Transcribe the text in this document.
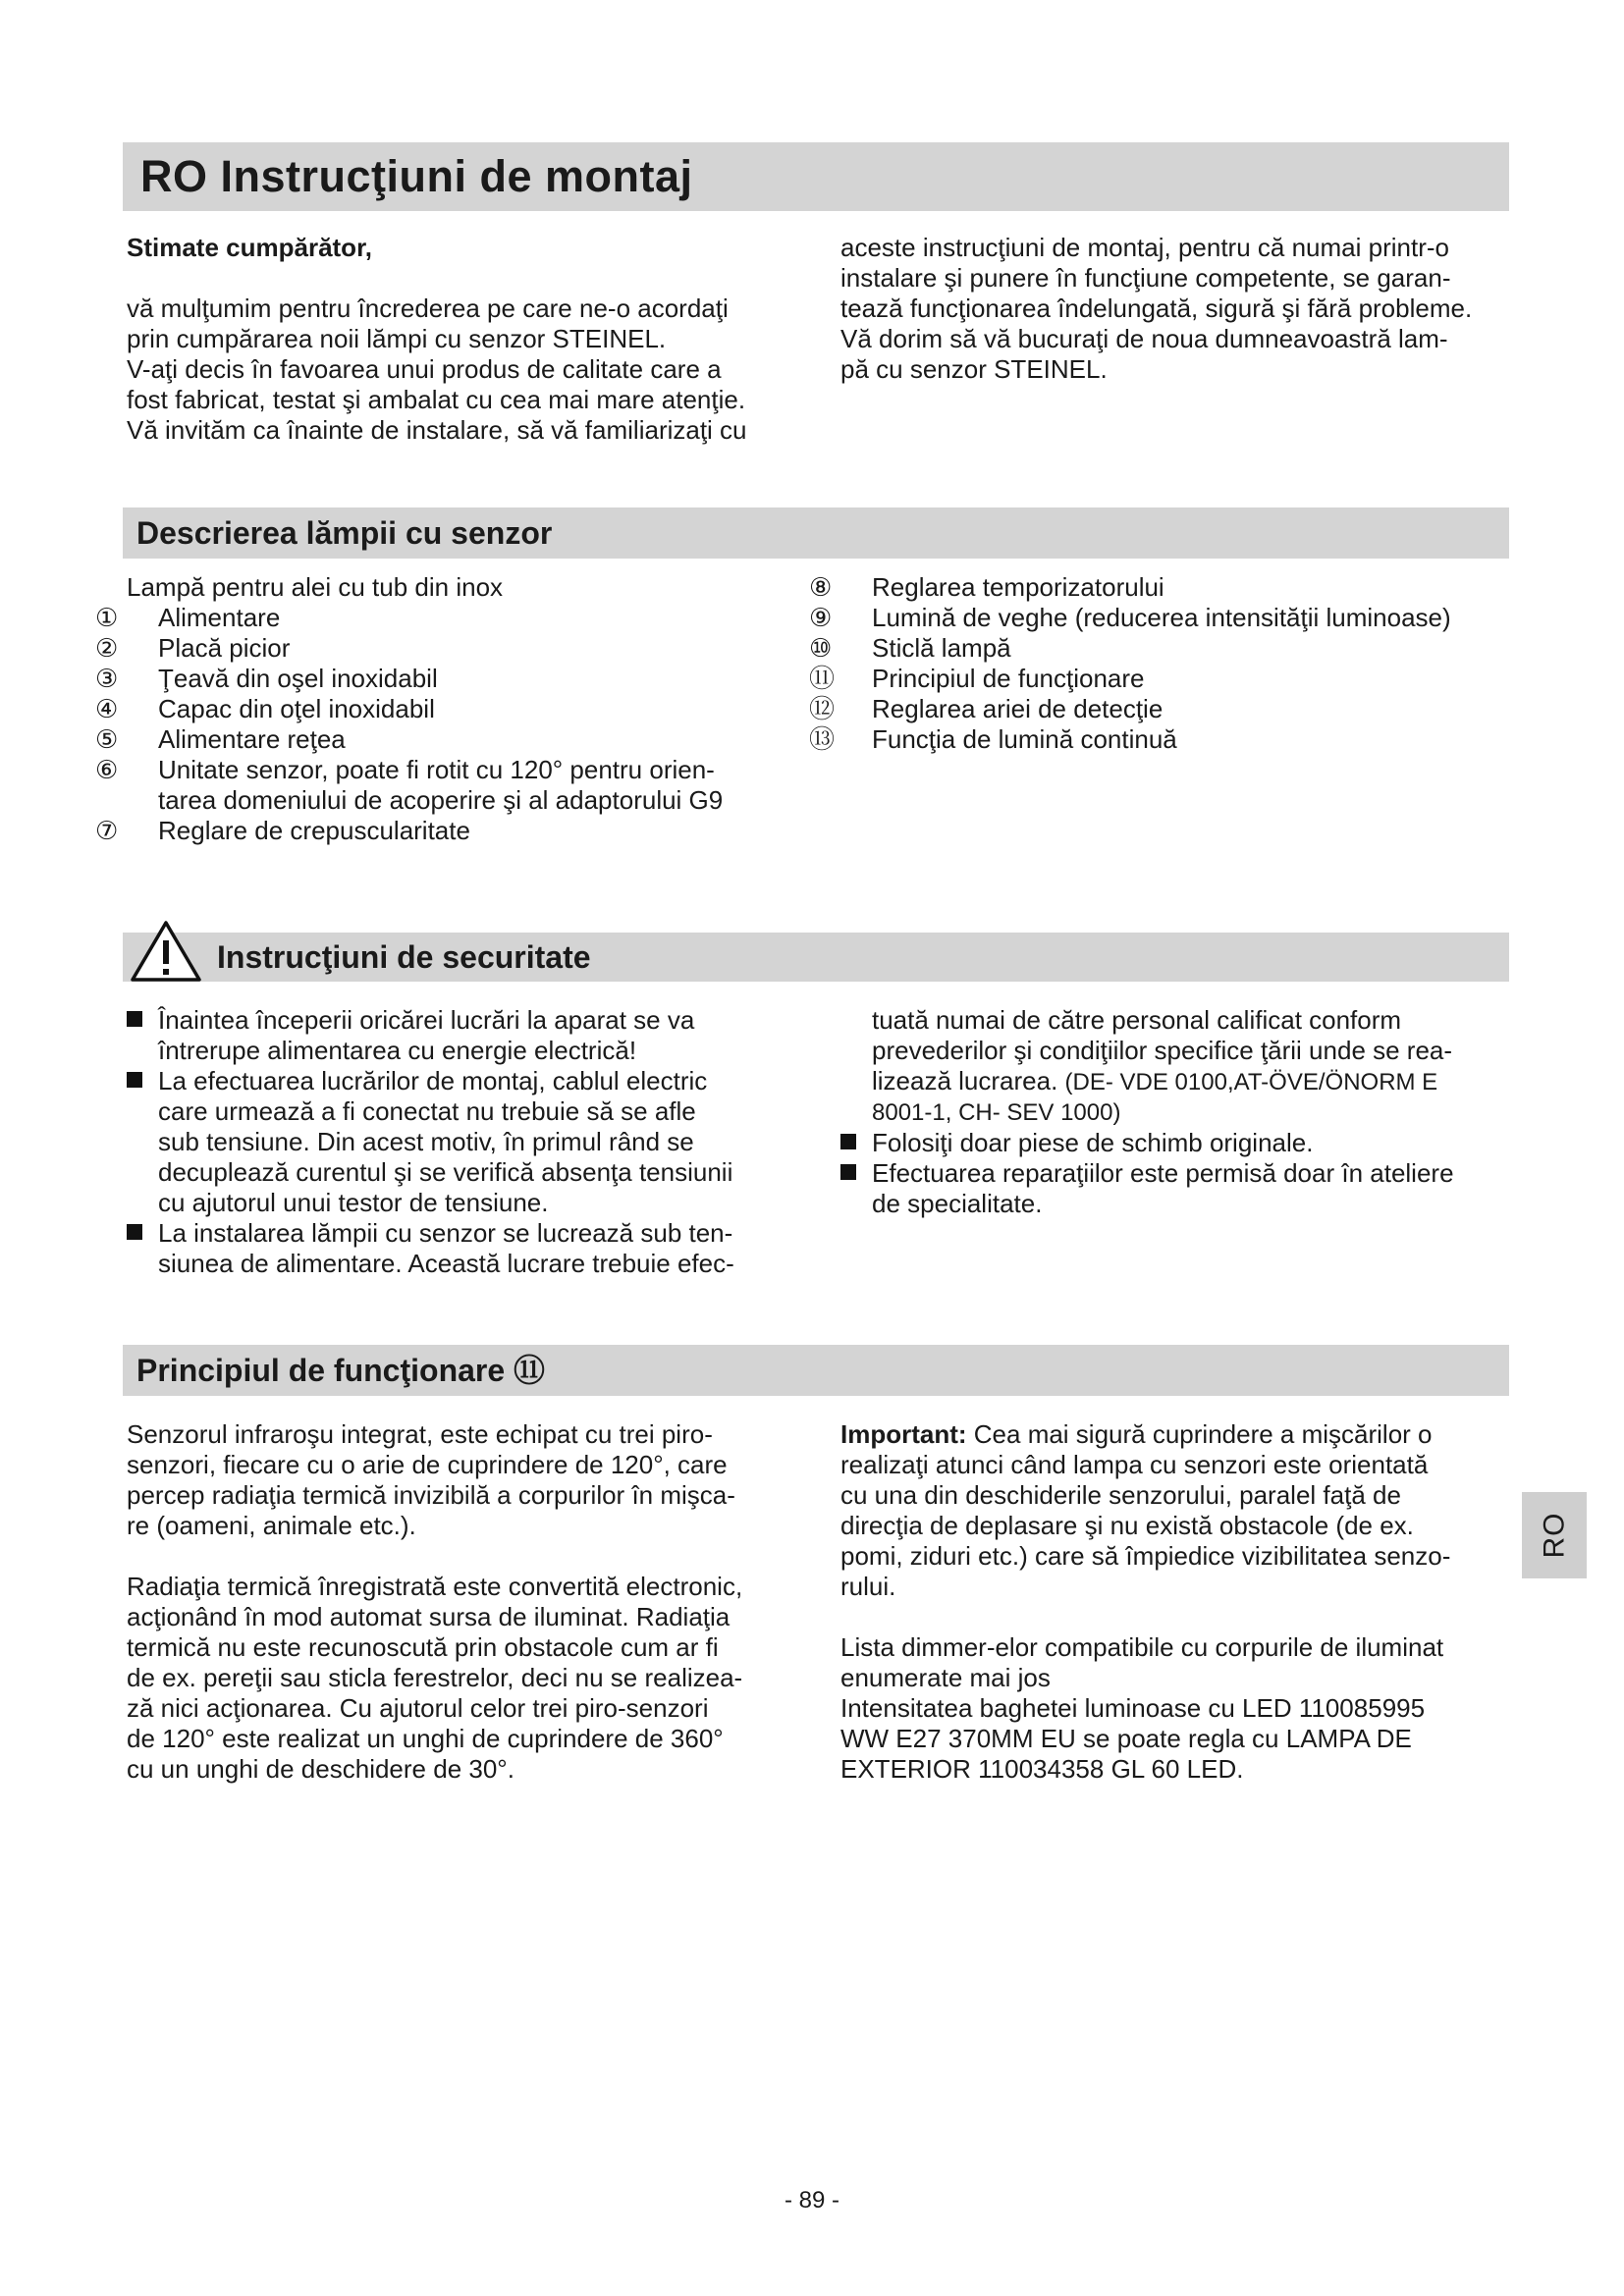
RO Instrucţiuni de montaj

Stimate cumpărător,

vă mulţumim pentru încrederea pe care ne-o acordaţi

prin cumpărarea noii lămpi cu senzor STEINEL.

V-aţi decis în favoarea unui produs de calitate care a

fost fabricat, testat şi ambalat cu cea mai mare atenţie.

Vă invităm ca înainte de instalare, să vă familiarizaţi cu

aceste instrucţiuni de montaj, pentru că numai printr-o

instalare şi punere în funcţiune competente, se garan-

tează funcţionarea îndelungată, sigură şi fără probleme.

Vă dorim să vă bucuraţi de noua dumneavoastră lam-

pă cu senzor STEINEL.

Descrierea lămpii cu senzor

Lampă pentru alei cu tub din inox

① Alimentare

② Placă picior

③ Ţeavă din oşel inoxidabil

④ Capac din oţel inoxidabil

⑤ Alimentare reţea

⑥ Unitate senzor, poate fi rotit cu 120° pentru orien-
tarea domeniului de acoperire şi al adaptorului G9

⑦ Reglare de crepuscularitate

⑧ Reglarea temporizatorului

⑨ Lumină de veghe (reducerea intensităţii luminoase)

⑩ Sticlă lampă

⑪ Principiul de funcţionare

⑫ Reglarea ariei de detecţie

⑬ Funcţia de lumină continuă

Instrucţiuni de securitate

Înaintea începerii oricărei lucrări la aparat se va
întrerupe alimentarea cu energie electrică!

La efectuarea lucrărilor de montaj, cablul electric
care urmează a fi conectat nu trebuie să se afle
sub tensiune. Din acest motiv, în primul rând se
decuplează curentul şi se verifică absenţa tensiunii
cu ajutorul unui testor de tensiune.

La instalarea lămpii cu senzor se lucrează sub ten-
siunea de alimentare. Această lucrare trebuie efec-

tuată numai de către personal calificat conform

prevederilor şi condiţiilor specifice ţării unde se rea-

lizează lucrarea. (DE- VDE 0100,AT-ÖVE/ÖNORM E

8001-1, CH- SEV 1000)

Folosiţi doar piese de schimb originale.

Efectuarea reparaţiilor este permisă doar în ateliere
de specialitate.

Principiul de funcţionare ⑪

Senzorul infraroşu integrat, este echipat cu trei piro-

senzori, fiecare cu o arie de cuprindere de 120°, care

percep radiaţia termică invizibilă a corpurilor în mişca-

re (oameni, animale etc.).

Radiaţia termică înregistrată este convertită electronic,

acţionând în mod automat sursa de iluminat. Radiaţia

termică nu este recunoscută prin obstacole cum ar fi

de ex. pereţii sau sticla ferestrelor, deci nu se realizea-

ză nici acţionarea. Cu ajutorul celor trei piro-senzori

de 120° este realizat un unghi de cuprindere de 360°

cu un unghi de deschidere de 30°.

Important: Cea mai sigură cuprindere a mişcărilor o

realizaţi atunci când lampa cu senzori este orientată

cu una din deschiderile senzorului, paralel faţă de

direcţia de deplasare şi nu există obstacole (de ex.

pomi, ziduri etc.) care să împiedice vizibilitatea senzo-

rului.

Lista dimmer-elor compatibile cu corpurile de iluminat

enumerate mai jos

Intensitatea baghetei luminoase cu LED 110085995

WW E27 370MM EU se poate regla cu LAMPA DE

EXTERIOR 110034358 GL 60 LED.

RO
- 89 -
